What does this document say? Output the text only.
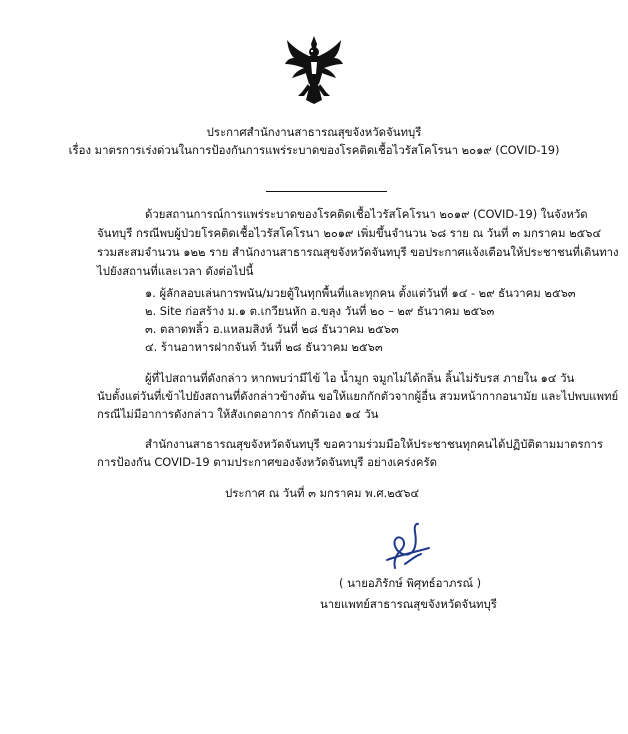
ประกาศสำนักงานสาธารณสุขจังหวัดจันทบุรี
เรื่อง มาตรการเร่งด่วนในการป้องกันการแพร่ระบาดของโรคติดเชื้อไวรัสโคโรนา ๒๐๑๙ (COVID-19)
ด้วยสถานการณ์การแพร่ระบาดของโรคติดเชื้อไวรัสโคโรนา ๒๐๑๙ (COVID-19) ในจังหวัด
จันทบุรี กรณีพบผู้ป่วยโรคติดเชื้อไวรัสโคโรนา ๒๐๑๙ เพิ่มขึ้นจำนวน ๖๘ ราย ณ วันที่ ๓ มกราคม ๒๕๖๔
รวมสะสมจำนวน ๑๒๒ ราย สำนักงานสาธารณสุขจังหวัดจันทบุรี ขอประกาศแจ้งเตือนให้ประชาชนที่เดินทาง
ไปยังสถานที่และเวลา ดังต่อไปนี้
๑. ผู้ลักลอบเล่นการพนัน/มวยตู้ในทุกพื้นที่และทุกคน ตั้งแต่วันที่ ๑๔ - ๒๙ ธันวาคม ๒๕๖๓
๒. Site ก่อสร้าง ม.๑ ต.เกวียนหัก อ.ขลุง วันที่ ๒๐ – ๒๙ ธันวาคม ๒๕๖๓
๓. ตลาดพลิ้ว อ.แหลมสิงห์ วันที่ ๒๘ ธันวาคม ๒๕๖๓
๔. ร้านอาหารฝากจันท์ วันที่ ๒๘ ธันวาคม ๒๕๖๓
ผู้ที่ไปสถานที่ดังกล่าว หากพบว่ามีไข้ ไอ น้ำมูก จมูกไม่ได้กลิ่น ลิ้นไม่รับรส ภายใน ๑๔ วัน
นับตั้งแต่วันที่เข้าไปยังสถานที่ดังกล่าวข้างต้น ขอให้แยกกักตัวจากผู้อื่น สวมหน้ากากอนามัย และไปพบแพทย์
กรณีไม่มีอาการดังกล่าว ให้สังเกตอาการ กักตัวเอง ๑๔ วัน
สำนักงานสาธารณสุขจังหวัดจันทบุรี ขอความร่วมมือให้ประชาชนทุกคนได้ปฏิบัติตามมาตรการ
การป้องกัน COVID-19 ตามประกาศของจังหวัดจันทบุรี อย่างเคร่งครัด
ประกาศ ณ วันที่ ๓ มกราคม พ.ศ.๒๕๖๔
( นายอภิรักษ์ พิศุทธ์อาภรณ์ )
นายแพทย์สาธารณสุขจังหวัดจันทบุรี
